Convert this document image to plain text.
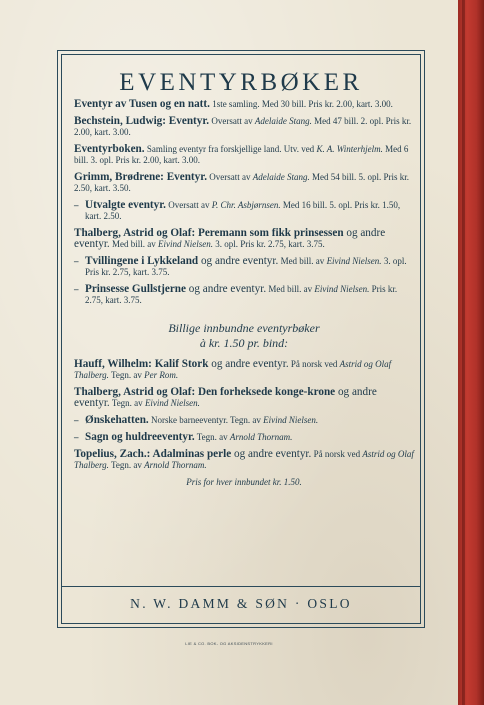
EVENTYRBØKER
Eventyr av Tusen og en natt. 1ste samling. Med 30 bill. Pris kr. 2.00, kart. 3.00.
Bechstein, Ludwig: Eventyr. Oversatt av Adelaide Stang. Med 47 bill. 2. opl. Pris kr. 2.00, kart. 3.00.
Eventyrboken. Samling eventyr fra forskjellige land. Utv. ved K. A. Winterhjelm. Med 6 bill. 3. opl. Pris kr. 2.00, kart. 3.00.
Grimm, Brødrene: Eventyr. Oversatt av Adelaide Stang. Med 54 bill. 5. opl. Pris kr. 2.50, kart. 3.50.
– Utvalgte eventyr. Oversatt av P. Chr. Asbjørnsen. Med 16 bill. 5. opl. Pris kr. 1.50, kart. 2.50.
Thalberg, Astrid og Olaf: Peremann som fikk prinsessen og andre eventyr. Med bill. av Eivind Nielsen. 3. opl. Pris kr. 2.75, kart. 3.75.
– Tvillingene i Lykkeland og andre eventyr. Med bill. av Eivind Nielsen. 3. opl. Pris kr. 2.75, kart. 3.75.
– Prinsesse Gullstjerne og andre eventyr. Med bill. av Eivind Nielsen. Pris kr. 2.75, kart. 3.75.
Billige innbundne eventyrbøker
à kr. 1.50 pr. bind:
Hauff, Wilhelm: Kalif Stork og andre eventyr. På norsk ved Astrid og Olaf Thalberg. Tegn. av Per Rom.
Thalberg, Astrid og Olaf: Den forheksede konge-krone og andre eventyr. Tegn. av Eivind Nielsen.
– Ønskehatten. Norske barneeventyr. Tegn. av Eivind Nielsen.
– Sagn og huldreeventyr. Tegn. av Arnold Thornam.
Topelius, Zach.: Adalminas perle og andre eventyr. På norsk ved Astrid og Olaf Thalberg. Tegn. av Arnold Thornam.
Pris for hver innbundet kr. 1.50.
N. W. DAMM & SØN · OSLO
LIE & CO. BOK- OG AKSIDENSTRYKKERI
